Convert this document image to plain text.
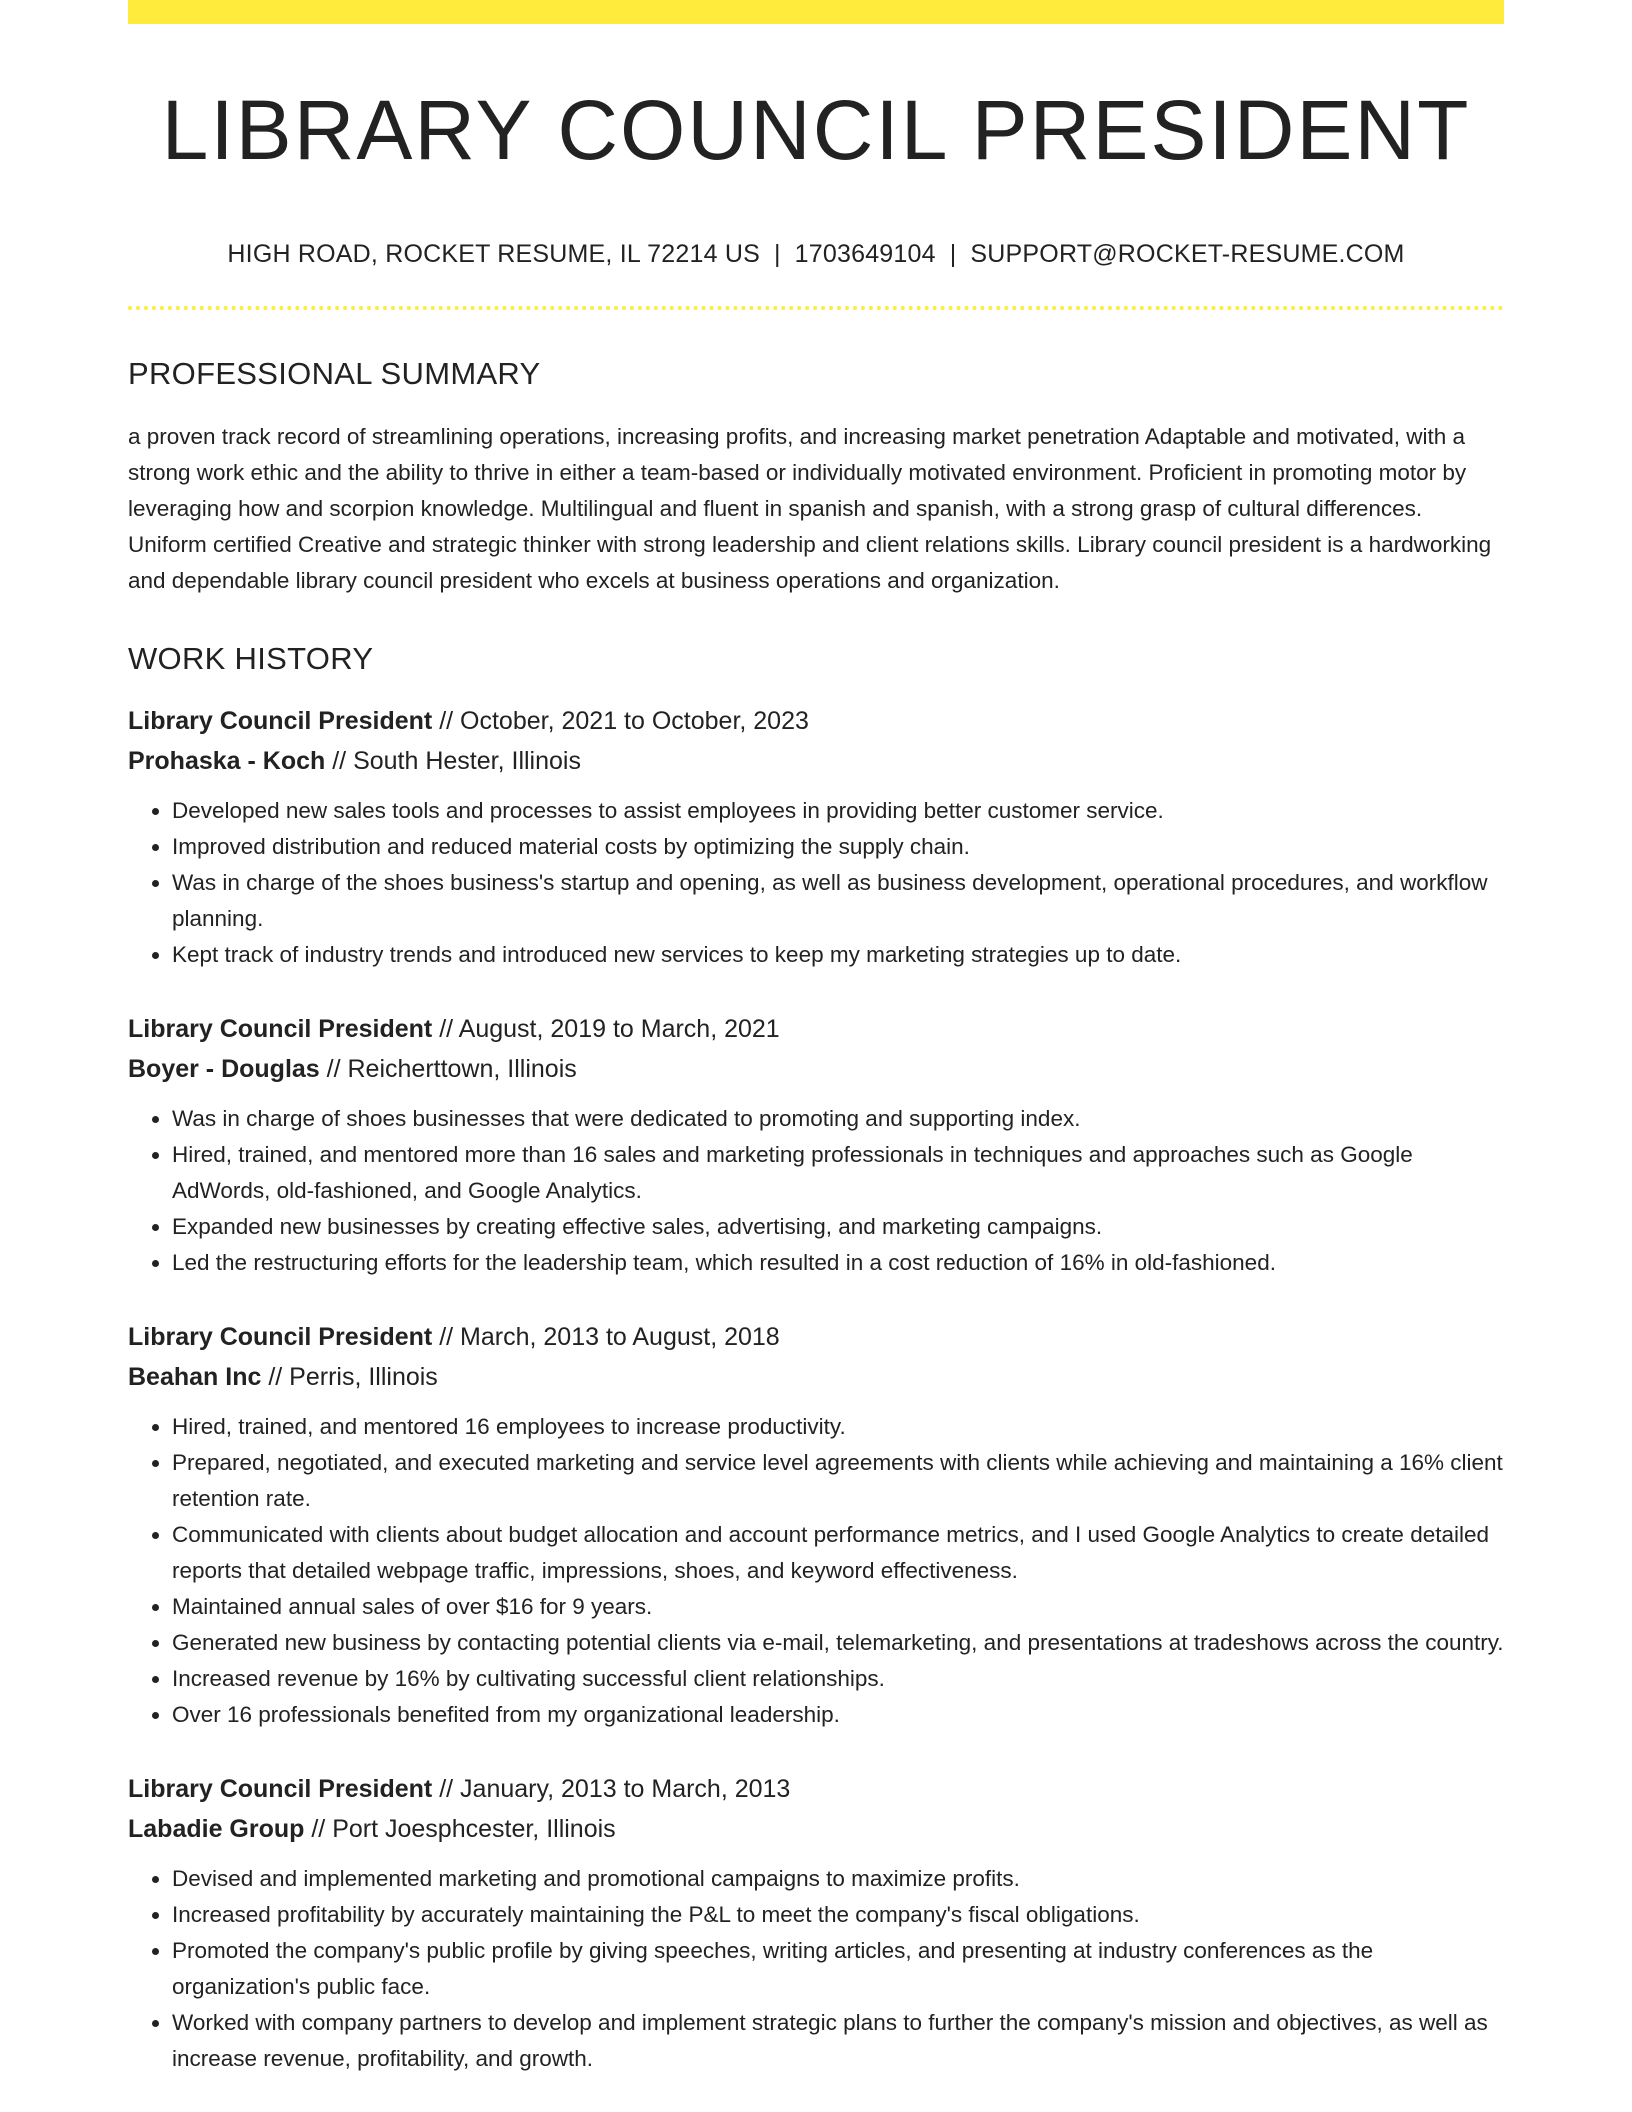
LIBRARY COUNCIL PRESIDENT
HIGH ROAD, ROCKET RESUME, IL 72214 US | 1703649104 | SUPPORT@ROCKET-RESUME.COM
PROFESSIONAL SUMMARY

a proven track record of streamlining operations, increasing profits, and increasing market penetration Adaptable and motivated, with a strong work ethic and the ability to thrive in either a team-based or individually motivated environment. Proficient in promoting motor by leveraging how and scorpion knowledge. Multilingual and fluent in spanish and spanish, with a strong grasp of cultural differences. Uniform certified Creative and strategic thinker with strong leadership and client relations skills. Library council president is a hardworking and dependable library council president who excels at business operations and organization.

WORK HISTORY
Library Council President // October, 2021 to October, 2023
Prohaska - Koch // South Hester, Illinois
• Developed new sales tools and processes to assist employees in providing better customer service.
• Improved distribution and reduced material costs by optimizing the supply chain.
• Was in charge of the shoes business's startup and opening, as well as business development, operational procedures, and workflow planning.
• Kept track of industry trends and introduced new services to keep my marketing strategies up to date.
Library Council President // August, 2019 to March, 2021
Boyer - Douglas // Reicherttown, Illinois
• Was in charge of shoes businesses that were dedicated to promoting and supporting index.
• Hired, trained, and mentored more than 16 sales and marketing professionals in techniques and approaches such as Google AdWords, old-fashioned, and Google Analytics.
• Expanded new businesses by creating effective sales, advertising, and marketing campaigns.
• Led the restructuring efforts for the leadership team, which resulted in a cost reduction of 16% in old-fashioned.
Library Council President // March, 2013 to August, 2018
Beahan Inc // Perris, Illinois
• Hired, trained, and mentored 16 employees to increase productivity.
• Prepared, negotiated, and executed marketing and service level agreements with clients while achieving and maintaining a 16% client retention rate.
• Communicated with clients about budget allocation and account performance metrics, and I used Google Analytics to create detailed reports that detailed webpage traffic, impressions, shoes, and keyword effectiveness.
• Maintained annual sales of over $16 for 9 years.
• Generated new business by contacting potential clients via e-mail, telemarketing, and presentations at tradeshows across the country.
• Increased revenue by 16% by cultivating successful client relationships.
• Over 16 professionals benefited from my organizational leadership.
Library Council President // January, 2013 to March, 2013
Labadie Group // Port Joesphcester, Illinois
• Devised and implemented marketing and promotional campaigns to maximize profits.
• Increased profitability by accurately maintaining the P&L to meet the company's fiscal obligations.
• Promoted the company's public profile by giving speeches, writing articles, and presenting at industry conferences as the organization's public face.
• Worked with company partners to develop and implement strategic plans to further the company's mission and objectives, as well as increase revenue, profitability, and growth.
